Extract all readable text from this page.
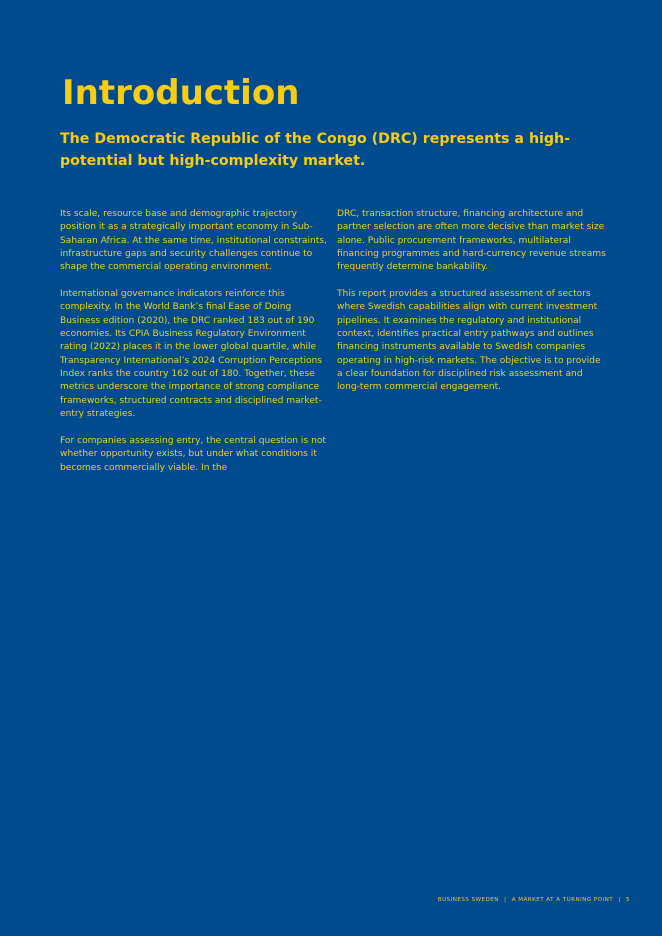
Introduction

The Democratic Republic of the Congo (DRC) represents a high-potential but high-complexity market.

Its scale, resource base and demographic trajectory position it as a strategically important economy in Sub-Saharan Africa. At the same time, institutional constraints, infrastructure gaps and security challenges continue to shape the commercial operating environment.

International governance indicators reinforce this complexity. In the World Bank’s final Ease of Doing Business edition (2020), the DRC ranked 183 out of 190 economies. Its CPIA Business Regulatory Environment rating (2022) places it in the lower global quartile, while Transparency International’s 2024 Corruption Perceptions Index ranks the country 162 out of 180. Together, these metrics underscore the importance of strong compliance frameworks, structured contracts and disciplined market-entry strategies.

For companies assessing entry, the central question is not whether opportunity exists, but under what conditions it becomes commercially viable. In the

DRC, transaction structure, financing architecture and partner selection are often more decisive than market size alone. Public procurement frameworks, multilateral financing programmes and hard-currency revenue streams frequently determine bankability.

This report provides a structured assessment of sectors where Swedish capabilities align with current investment pipelines. It examines the regulatory and institutional context, identifies practical entry pathways and outlines financing instruments available to Swedish companies operating in high-risk markets. The objective is to provide a clear foundation for disciplined risk assessment and long-term commercial engagement.

BUSINESS SWEDEN | A MARKET AT A TURNING POINT | 5
